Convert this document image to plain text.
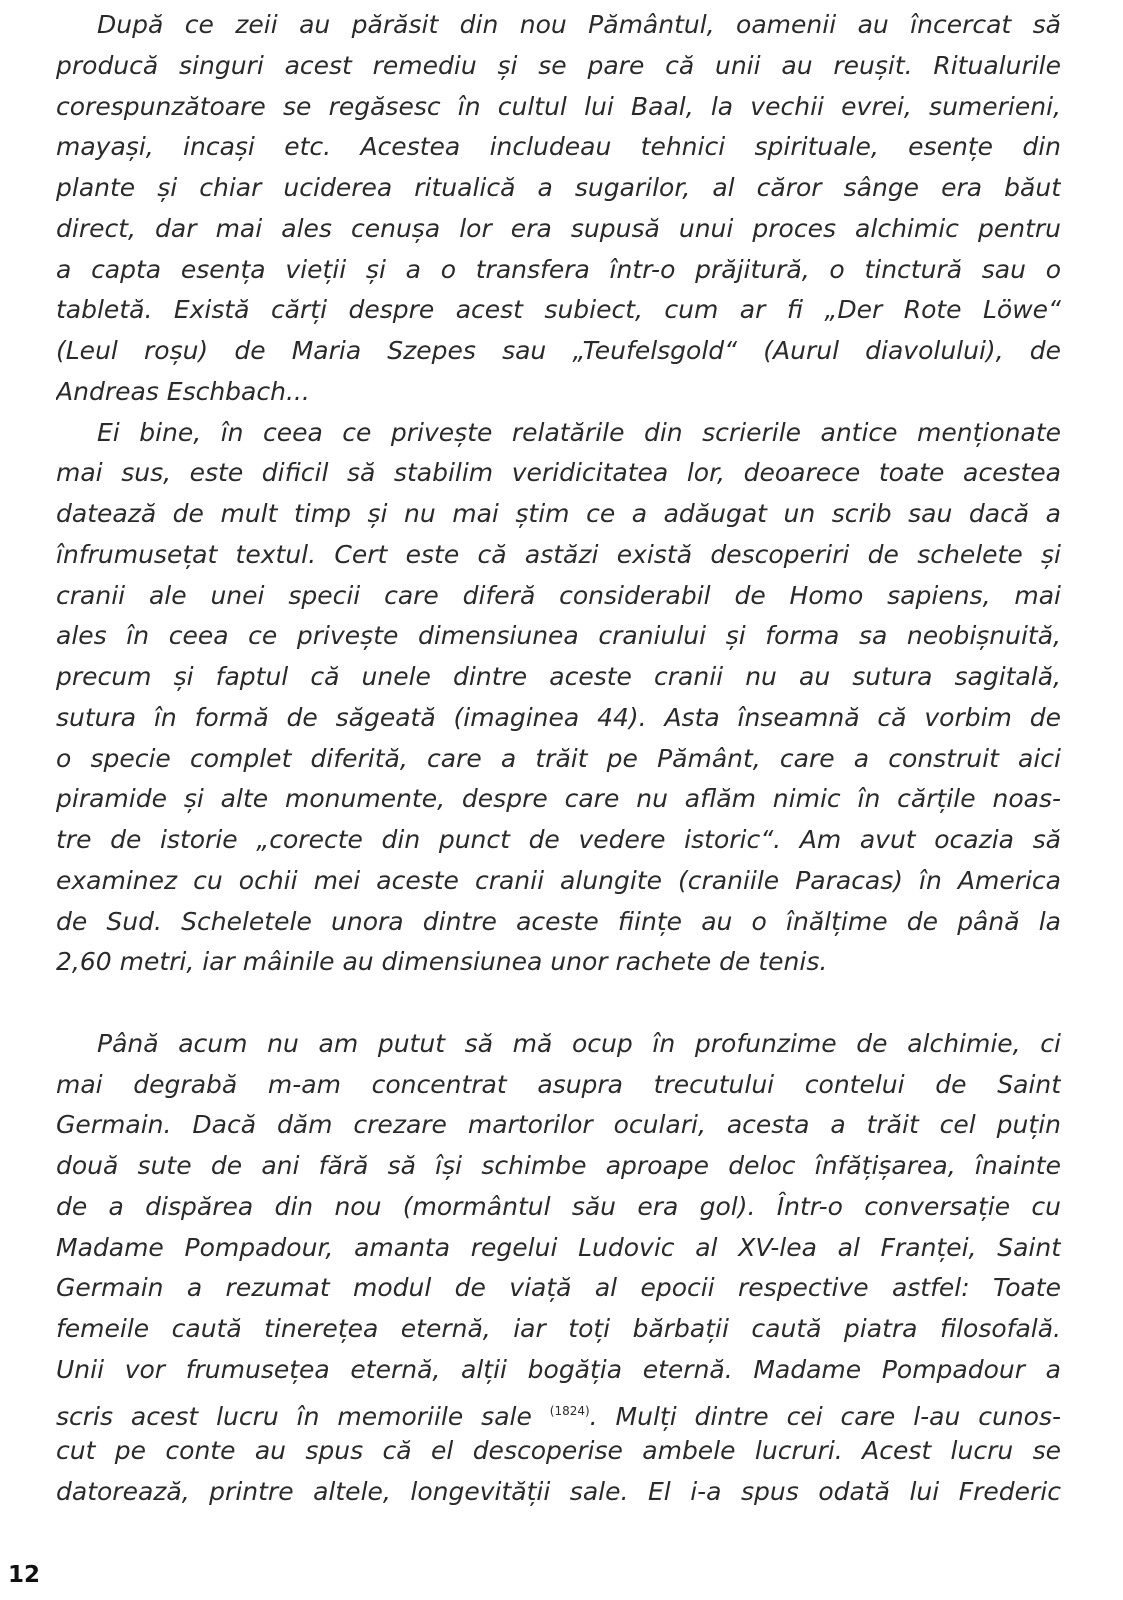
După ce zeii au părăsit din nou Pământul, oamenii au încercat să
producă singuri acest remediu și se pare că unii au reușit. Ritualurile
corespunzătoare se regăsesc în cultul lui Baal, la vechii evrei, sumerieni,
mayași, incași etc. Acestea includeau tehnici spirituale, esențe din
plante și chiar uciderea ritualică a sugarilor, al căror sânge era băut
direct, dar mai ales cenușa lor era supusă unui proces alchimic pentru
a capta esența vieții și a o transfera într-o prăjitură, o tinctură sau o
tabletă. Există cărți despre acest subiect, cum ar fi „Der Rote Löwe“
(Leul roșu) de Maria Szepes sau „Teufelsgold“ (Aurul diavolului), de
Andreas Eschbach...
Ei bine, în ceea ce privește relatările din scrierile antice menționate
mai sus, este dificil să stabilim veridicitatea lor, deoarece toate acestea
datează de mult timp și nu mai știm ce a adăugat un scrib sau dacă a
înfrumusețat textul. Cert este că astăzi există descoperiri de schelete și
cranii ale unei specii care diferă considerabil de Homo sapiens, mai
ales în ceea ce privește dimensiunea craniului și forma sa neobișnuită,
precum și faptul că unele dintre aceste cranii nu au sutura sagitală,
sutura în formă de săgeată (imaginea 44). Asta înseamnă că vorbim de
o specie complet diferită, care a trăit pe Pământ, care a construit aici
piramide și alte monumente, despre care nu aflăm nimic în cărțile noas-
tre de istorie „corecte din punct de vedere istoric“. Am avut ocazia să
examinez cu ochii mei aceste cranii alungite (craniile Paracas) în America
de Sud. Scheletele unora dintre aceste ființe au o înălțime de până la
2,60 metri, iar mâinile au dimensiunea unor rachete de tenis.
Până acum nu am putut să mă ocup în profunzime de alchimie, ci
mai degrabă m-am concentrat asupra trecutului contelui de Saint
Germain. Dacă dăm crezare martorilor oculari, acesta a trăit cel puțin
două sute de ani fără să își schimbe aproape deloc înfățișarea, înainte
de a dispărea din nou (mormântul său era gol). Într-o conversație cu
Madame Pompadour, amanta regelui Ludovic al XV-lea al Franței, Saint
Germain a rezumat modul de viață al epocii respective astfel: Toate
femeile caută tinerețea eternă, iar toți bărbații caută piatra filosofală.
Unii vor frumusețea eternă, alții bogăția eternă. Madame Pompadour a
scris acest lucru în memoriile sale $^{(1824)}$. Mulți dintre cei care l-au cunos-
cut pe conte au spus că el descoperise ambele lucruri. Acest lucru se
datorează, printre altele, longevității sale. El i-a spus odată lui Frederic
12
